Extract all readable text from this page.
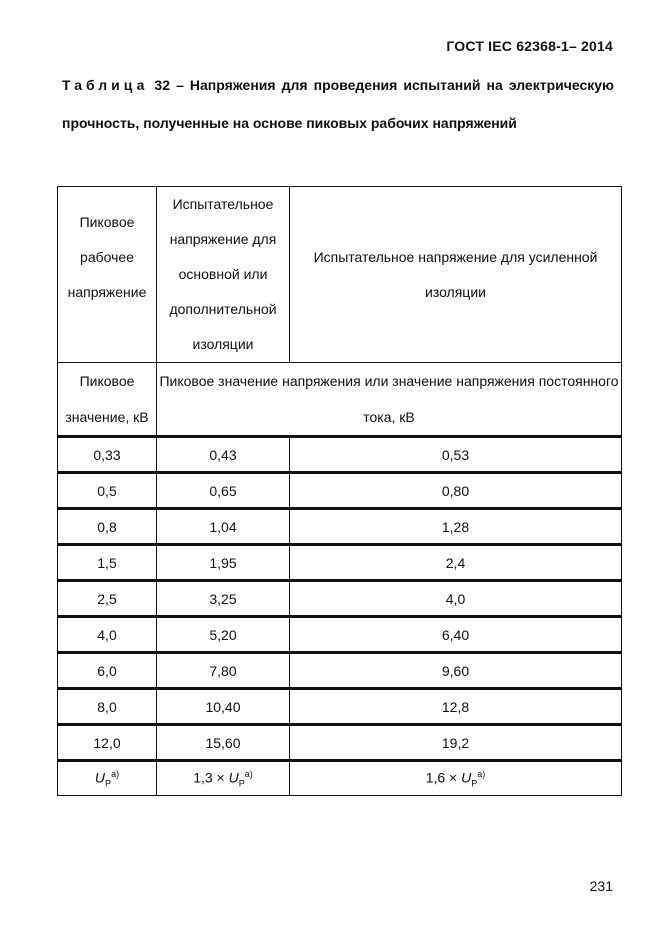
ГОСТ IEC 62368-1– 2014
Таблица 32 – Напряжения для проведения испытаний на электрическую прочность, полученные на основе пиковых рабочих напряжений
Пиковое рабочее напряжение	Испытательное напряжение для основной или дополнительной изоляции	Испытательное напряжение для усиленной изоляции
Пиковое значение, кВ	Пиковое значение напряжения или значение напряжения постоянного тока, кВ	
0,33	0,43	0,53
0,5	0,65	0,80
0,8	1,04	1,28
1,5	1,95	2,4
2,5	3,25	4,0
4,0	5,20	6,40
6,0	7,80	9,60
8,0	10,40	12,8
12,0	15,60	19,2
$U_P^{a)}$	$1,3 \times U_P^{a)}$	$1,6 \times U_P^{a)}$
231
